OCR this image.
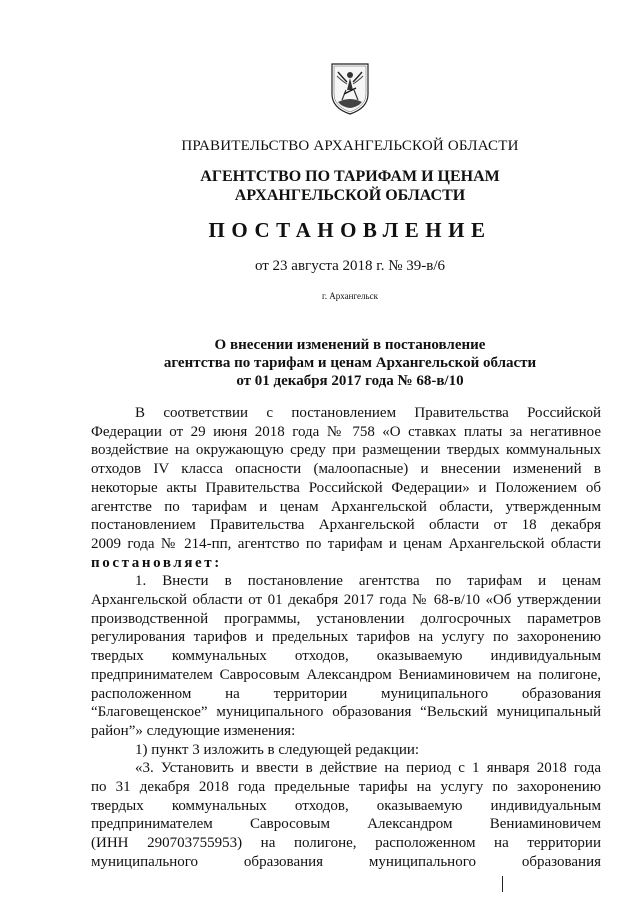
ПРАВИТЕЛЬСТВО АРХАНГЕЛЬСКОЙ ОБЛАСТИ
АГЕНТСТВО ПО ТАРИФАМ И ЦЕНАМ
АРХАНГЕЛЬСКОЙ ОБЛАСТИ
ПОСТАНОВЛЕНИЕ
от 23 августа 2018 г. № 39-в/6
г. Архангельск
О внесении изменений в постановление
агентства по тарифам и ценам Архангельской области
от 01 декабря 2017 года № 68-в/10

В соответствии с постановлением Правительства Российской

Федерации от 29 июня 2018 года № 758 «О ставках платы за негативное

воздействие на окружающую среду при размещении твердых коммунальных

отходов IV класса опасности (малоопасные) и внесении изменений в

некоторые акты Правительства Российской Федерации» и Положением об

агентстве по тарифам и ценам Архангельской области, утвержденным

постановлением Правительства Архангельской области от 18 декабря

2009 года № 214-пп, агентство по тарифам и ценам Архангельской области

постановляет:

1. Внести в постановление агентства по тарифам и ценам

Архангельской области от 01 декабря 2017 года № 68-в/10 «Об утверждении

производственной программы, установлении долгосрочных параметров

регулирования тарифов и предельных тарифов на услугу по захоронению

твердых коммунальных отходов, оказываемую индивидуальным

предпринимателем Савросовым Александром Вениаминовичем на полигоне,

расположенном на территории муниципального образования

“Благовещенское” муниципального образования “Вельский муниципальный

район”» следующие изменения:

1) пункт 3 изложить в следующей редакции:

«3. Установить и ввести в действие на период с 1 января 2018 года

по 31 декабря 2018 года предельные тарифы на услугу по захоронению

твердых коммунальных отходов, оказываемую индивидуальным

предпринимателем Савросовым Александром Вениаминовичем

(ИНН 290703755953) на полигоне, расположенном на территории

муниципального образования муниципального образования
